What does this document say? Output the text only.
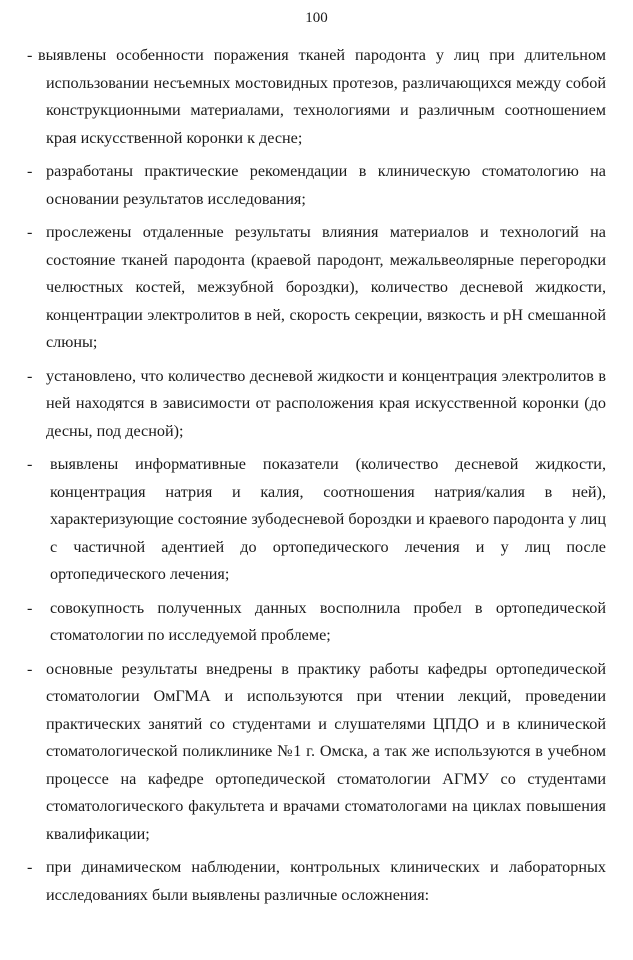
100
- выявлены особенности поражения тканей пародонта у лиц при длительном использовании несъемных мостовидных протезов, различающихся между собой конструкционными материалами, технологиями и различным соотношением края искусственной коронки к десне;
- разработаны практические рекомендации в клиническую стоматологию на основании результатов исследования;
- прослежены отдаленные результаты влияния материалов и технологий на состояние тканей пародонта (краевой пародонт, межальвеолярные перегородки челюстных костей, межзубной бороздки), количество десневой жидкости, концентрации электролитов в ней, скорость секреции, вязкость и pH смешанной слюны;
- установлено, что количество десневой жидкости и концентрация электролитов в ней находятся в зависимости от расположения края искусственной коронки (до десны, под десной);
- выявлены информативные показатели (количество десневой жидкости, концентрация натрия и калия, соотношения натрия/калия в ней), характеризующие состояние зубодесневой бороздки и краевого пародонта у лиц с частичной адентией до ортопедического лечения и у лиц после ортопедического лечения;
- совокупность полученных данных восполнила пробел в ортопедической стоматологии по исследуемой проблеме;
- основные результаты внедрены в практику работы кафедры ортопедической стоматологии ОмГМА и используются при чтении лекций, проведении практических занятий со студентами и слушателями ЦПДО и в клинической стоматологической поликлинике №1 г. Омска, а так же используются в учебном процессе на кафедре ортопедической стоматологии АГМУ со студентами стоматологического факультета и врачами стоматологами на циклах повышения квалификации;
- при динамическом наблюдении, контрольных клинических и лабораторных исследованиях были выявлены различные осложнения:
